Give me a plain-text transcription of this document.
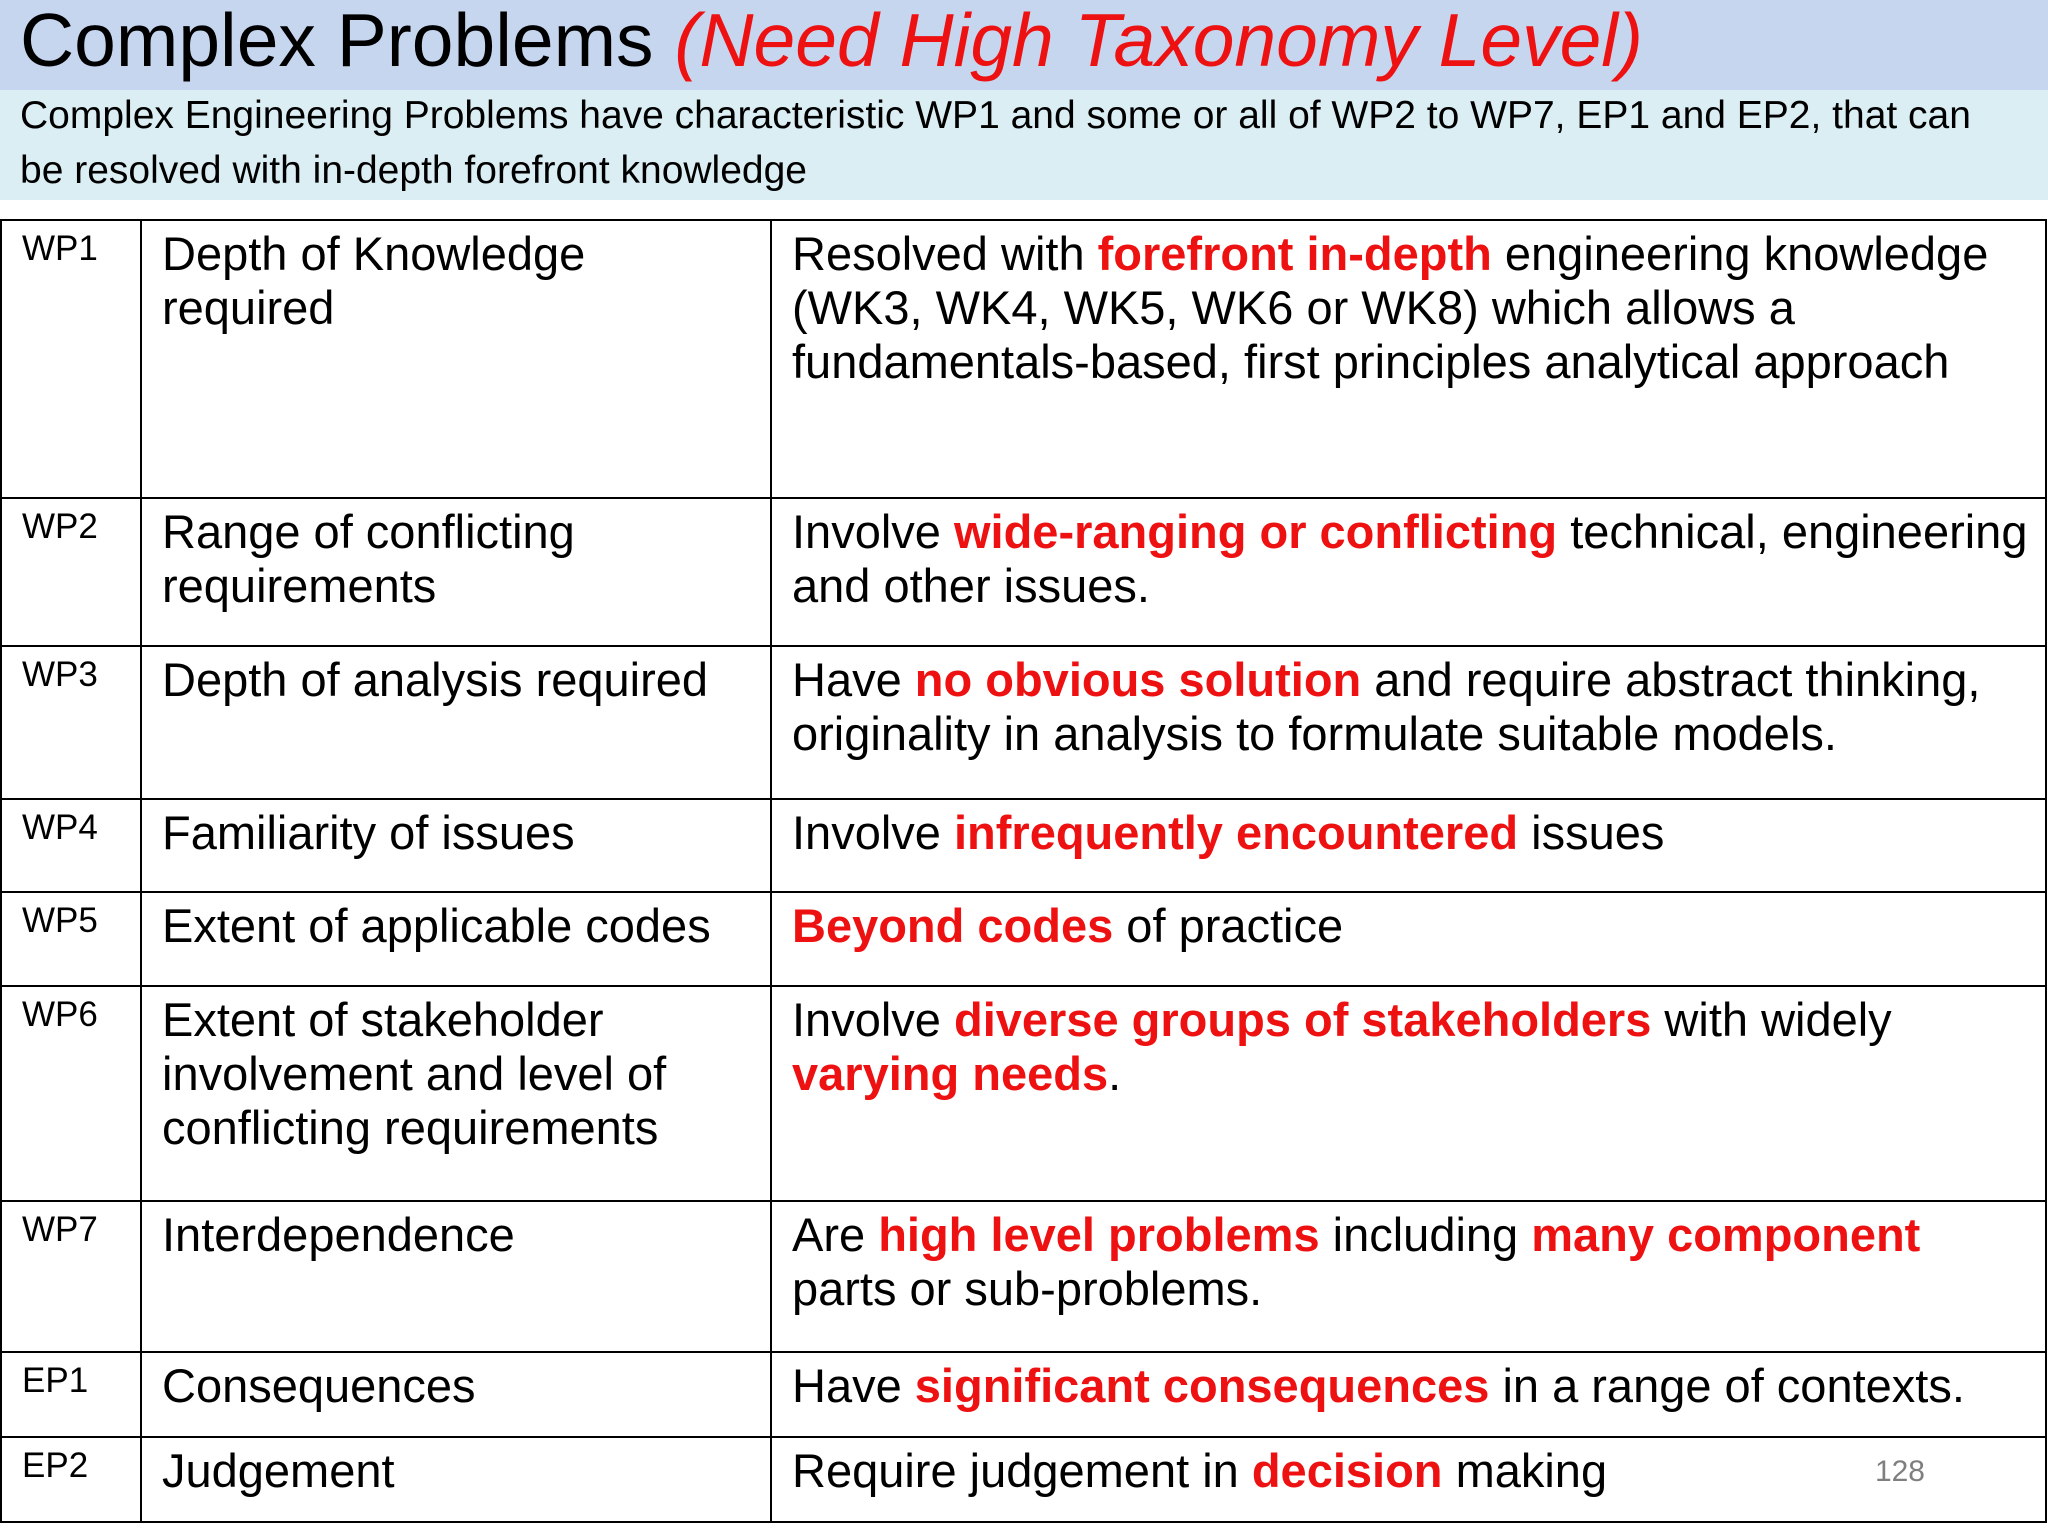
Complex Problems (Need High Taxonomy Level)

Complex Engineering Problems have characteristic WP1 and some or all of WP2 to WP7, EP1 and EP2, that can be resolved with in-depth forefront knowledge

WP1	Depth of Knowledge required	Resolved with forefront in-depth engineering knowledge (WK3, WK4, WK5, WK6 or WK8) which allows a fundamentals-based, first principles analytical approach
WP2	Range of conflicting requirements	Involve wide-ranging or conflicting technical, engineering and other issues.
WP3	Depth of analysis required	Have no obvious solution and require abstract thinking, originality in analysis to formulate suitable models.
WP4	Familiarity of issues	Involve infrequently encountered issues
WP5	Extent of applicable codes	Beyond codes of practice
WP6	Extent of stakeholder involvement and level of conflicting requirements	Involve diverse groups of stakeholders with widely varying needs.
WP7	Interdependence	Are high level problems including many component parts or sub-problems.
EP1	Consequences	Have significant consequences in a range of contexts.
EP2	Judgement	Require judgement in decision making 128
